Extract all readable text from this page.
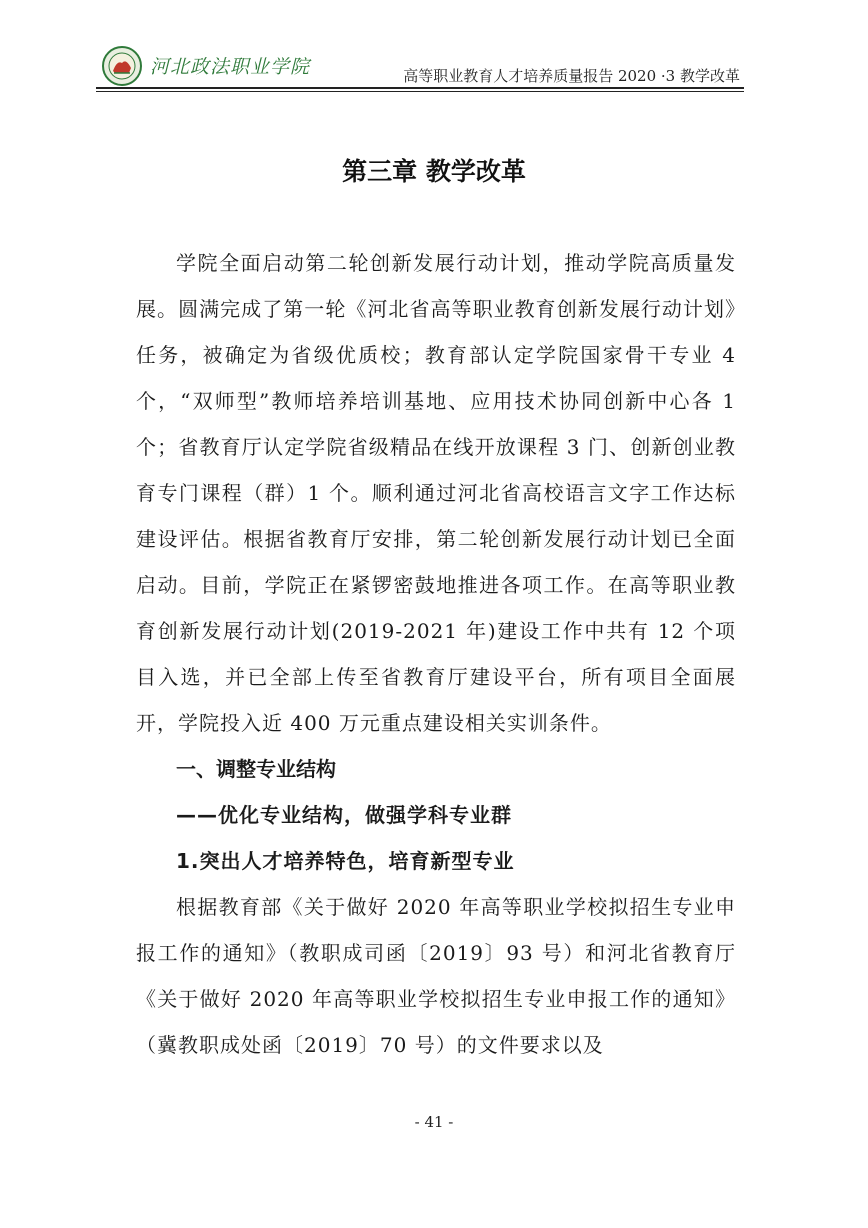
河北政法职业学院	高等职业教育人才培养质量报告 2020 ·3 教学改革
第三章 教学改革

学院全面启动第二轮创新发展行动计划，推动学院高质量发展。圆满完成了第一轮《河北省高等职业教育创新发展行动计划》任务，被确定为省级优质校；教育部认定学院国家骨干专业 4 个，“双师型”教师培养培训基地、应用技术协同创新中心各 1 个；省教育厅认定学院省级精品在线开放课程 3 门、创新创业教育专门课程（群）1 个。顺利通过河北省高校语言文字工作达标建设评估。根据省教育厅安排，第二轮创新发展行动计划已全面启动。目前，学院正在紧锣密鼓地推进各项工作。在高等职业教育创新发展行动计划(2019-2021 年)建设工作中共有 12 个项目入选，并已全部上传至省教育厅建设平台，所有项目全面展开，学院投入近 400 万元重点建设相关实训条件。

一、调整专业结构

——优化专业结构，做强学科专业群

1.突出人才培养特色，培育新型专业

根据教育部《关于做好 2020 年高等职业学校拟招生专业申报工作的通知》（教职成司函〔2019〕93 号）和河北省教育厅《关于做好 2020 年高等职业学校拟招生专业申报工作的通知》（冀教职成处函〔2019〕70 号）的文件要求以及

- 41 -
